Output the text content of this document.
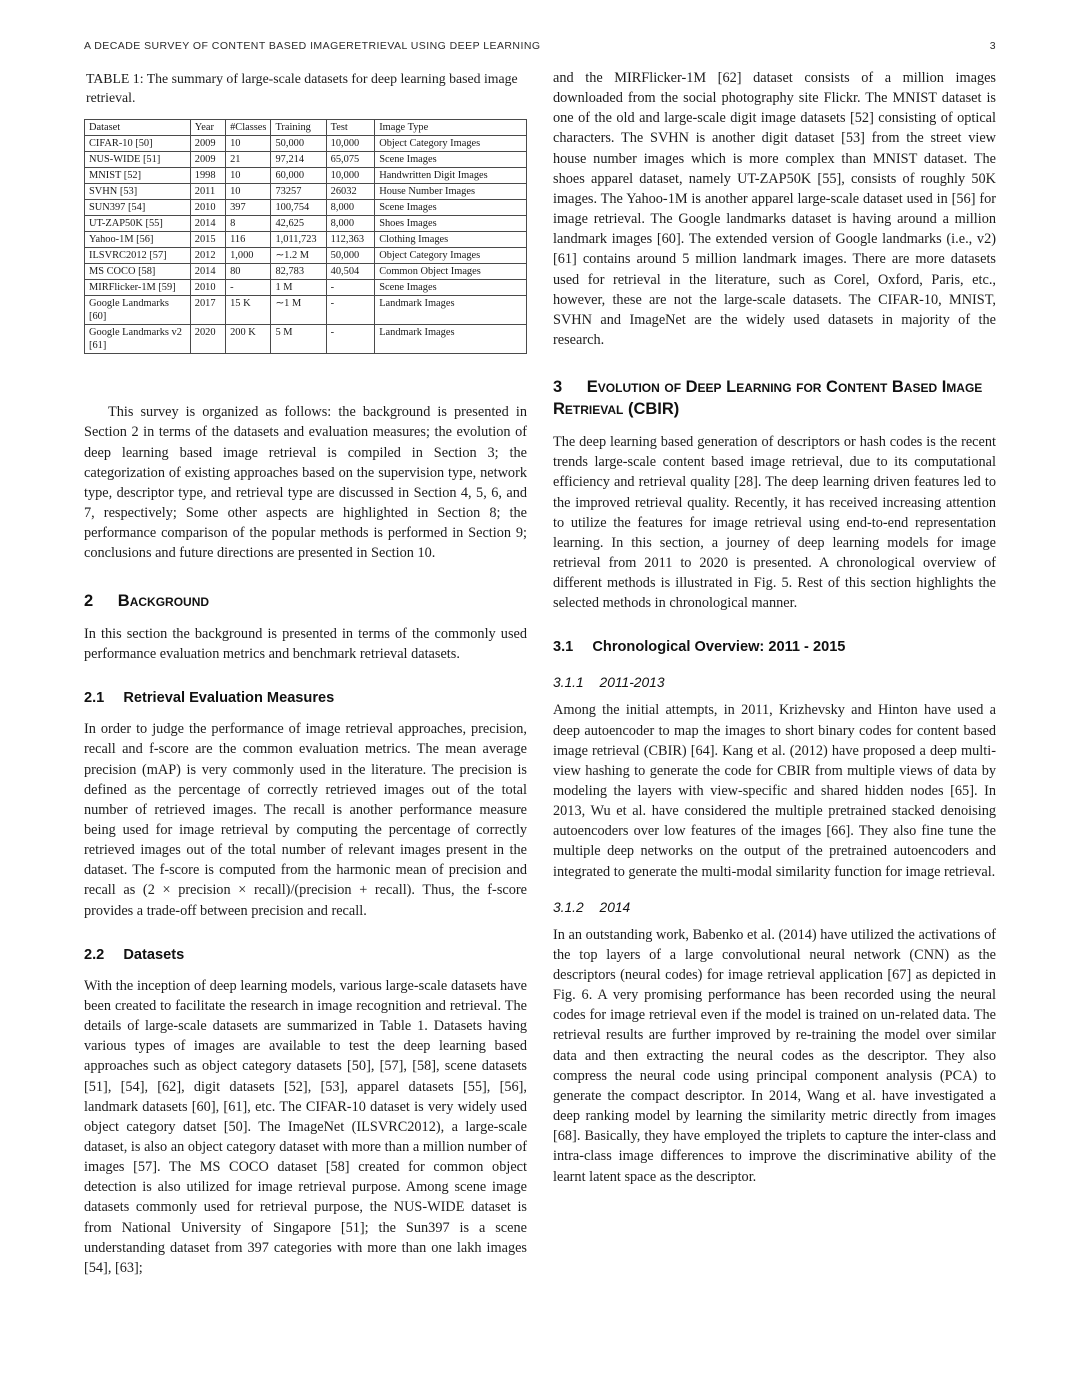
A DECADE SURVEY OF CONTENT BASED IMAGERETRIEVAL USING DEEP LEARNING	3
TABLE 1: The summary of large-scale datasets for deep learning based image retrieval.
Dataset	Year	#Classes	Training	Test	Image Type
CIFAR-10 [50]	2009	10	50,000	10,000	Object Category Images
NUS-WIDE [51]	2009	21	97,214	65,075	Scene Images
MNIST [52]	1998	10	60,000	10,000	Handwritten Digit Images
SVHN [53]	2011	10	73257	26032	House Number Images
SUN397 [54]	2010	397	100,754	8,000	Scene Images
UT-ZAP50K [55]	2014	8	42,625	8,000	Shoes Images
Yahoo-1M [56]	2015	116	1,011,723	112,363	Clothing Images
ILSVRC2012 [57]	2012	1,000	∼1.2 M	50,000	Object Category Images
MS COCO [58]	2014	80	82,783	40,504	Common Object Images
MIRFlicker-1M [59]	2010	-	1 M	-	Scene Images
Google Landmarks [60]	2017	15 K	∼1 M	-	Landmark Images
Google Landmarks v2 [61]	2020	200 K	5 M	-	Landmark Images

This survey is organized as follows: the background is presented in Section 2 in terms of the datasets and evaluation measures; the evolution of deep learning based image retrieval is compiled in Section 3; the categorization of existing approaches based on the supervision type, network type, descriptor type, and retrieval type are discussed in Section 4, 5, 6, and 7, respectively; Some other aspects are highlighted in Section 8; the performance comparison of the popular methods is performed in Section 9; conclusions and future directions are presented in Section 10.

2 Background

In this section the background is presented in terms of the commonly used performance evaluation metrics and benchmark retrieval datasets.

2.1 Retrieval Evaluation Measures

In order to judge the performance of image retrieval approaches, precision, recall and f-score are the common evaluation metrics. The mean average precision (mAP) is very commonly used in the literature. The precision is defined as the percentage of correctly retrieved images out of the total number of retrieved images. The recall is another performance measure being used for image retrieval by computing the percentage of correctly retrieved images out of the total number of relevant images present in the dataset. The f-score is computed from the harmonic mean of precision and recall as (2 × precision × recall)/(precision + recall). Thus, the f-score provides a trade-off between precision and recall.

2.2 Datasets

With the inception of deep learning models, various large-scale datasets have been created to facilitate the research in image recognition and retrieval. The details of large-scale datasets are summarized in Table 1. Datasets having various types of images are available to test the deep learning based approaches such as object category datasets [50], [57], [58], scene datasets [51], [54], [62], digit datasets [52], [53], apparel datasets [55], [56], landmark datasets [60], [61], etc. The CIFAR-10 dataset is very widely used object category datset [50]. The ImageNet (ILSVRC2012), a large-scale dataset, is also an object category dataset with more than a million number of images [57]. The MS COCO dataset [58] created for common object detection is also utilized for image retrieval purpose. Among scene image datasets commonly used for retrieval purpose, the NUS-WIDE dataset is from National University of Singapore [51]; the Sun397 is a scene understanding dataset from 397 categories with more than one lakh images [54], [63];

and the MIRFlicker-1M [62] dataset consists of a million images downloaded from the social photography site Flickr. The MNIST dataset is one of the old and large-scale digit image datasets [52] consisting of optical characters. The SVHN is another digit dataset [53] from the street view house number images which is more complex than MNIST dataset. The shoes apparel dataset, namely UT-ZAP50K [55], consists of roughly 50K images. The Yahoo-1M is another apparel large-scale dataset used in [56] for image retrieval. The Google landmarks dataset is having around a million landmark images [60]. The extended version of Google landmarks (i.e., v2) [61] contains around 5 million landmark images. There are more datasets used for retrieval in the literature, such as Corel, Oxford, Paris, etc., however, these are not the large-scale datasets. The CIFAR-10, MNIST, SVHN and ImageNet are the widely used datasets in majority of the research.

3 Evolution of Deep Learning for Content Based Image Retrieval (CBIR)

The deep learning based generation of descriptors or hash codes is the recent trends large-scale content based image retrieval, due to its computational efficiency and retrieval quality [28]. The deep learning driven features led to the improved retrieval quality. Recently, it has received increasing attention to utilize the features for image retrieval using end-to-end representation learning. In this section, a journey of deep learning models for image retrieval from 2011 to 2020 is presented. A chronological overview of different methods is illustrated in Fig. 5. Rest of this section highlights the selected methods in chronological manner.

3.1 Chronological Overview: 2011 - 2015
3.1.1 2011-2013

Among the initial attempts, in 2011, Krizhevsky and Hinton have used a deep autoencoder to map the images to short binary codes for content based image retrieval (CBIR) [64]. Kang et al. (2012) have proposed a deep multi-view hashing to generate the code for CBIR from multiple views of data by modeling the layers with view-specific and shared hidden nodes [65]. In 2013, Wu et al. have considered the multiple pretrained stacked denoising autoencoders over low features of the images [66]. They also fine tune the multiple deep networks on the output of the pretrained autoencoders and integrated to generate the multi-modal similarity function for image retrieval.

3.1.2 2014

In an outstanding work, Babenko et al. (2014) have utilized the activations of the top layers of a large convolutional neural network (CNN) as the descriptors (neural codes) for image retrieval application [67] as depicted in Fig. 6. A very promising performance has been recorded using the neural codes for image retrieval even if the model is trained on un-related data. The retrieval results are further improved by re-training the model over similar data and then extracting the neural codes as the descriptor. They also compress the neural code using principal component analysis (PCA) to generate the compact descriptor. In 2014, Wang et al. have investigated a deep ranking model by learning the similarity metric directly from images [68]. Basically, they have employed the triplets to capture the inter-class and intra-class image differences to improve the discriminative ability of the learnt latent space as the descriptor.
